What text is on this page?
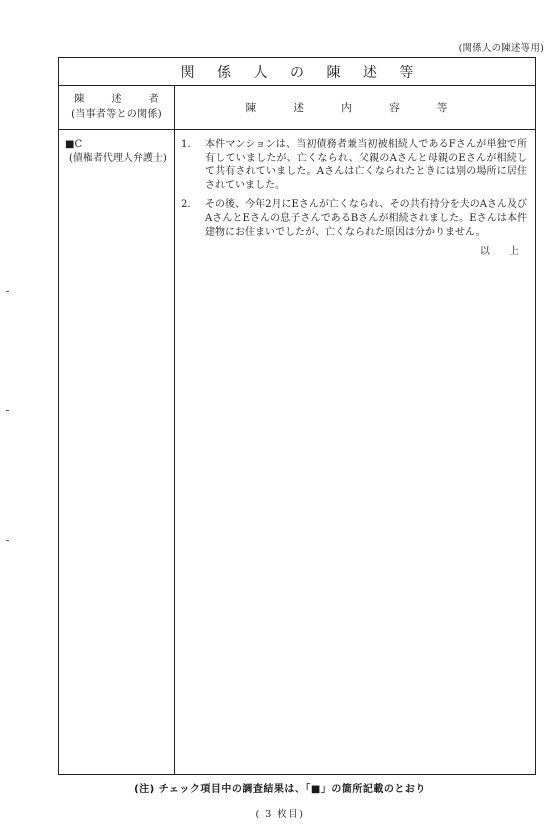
(関係人の陳述等用)
関 係 人 の 陳 述 等
陳 述 者
(当事者等との関係)
陳 述 内 容 等
■C
(債権者代理人弁護士)
1.	本件マンションは、当初債務者兼当初被相続人であるFさんが単独で所有していましたが、亡くなられ、父親のAさんと母親のEさんが相続して共有されていました。Aさんは亡くなられたときには別の場所に居住されていました。
2.	その後、今年2月にEさんが亡くなられ、その共有持分を夫のAさん及びAさんとEさんの息子さんであるBさんが相続されました。Eさんは本件建物にお住まいでしたが、亡くなられた原因は分かりません。
以 上
(注) チェック項目中の調査結果は、「■」の箇所記載のとおり
( 3 枚目)
